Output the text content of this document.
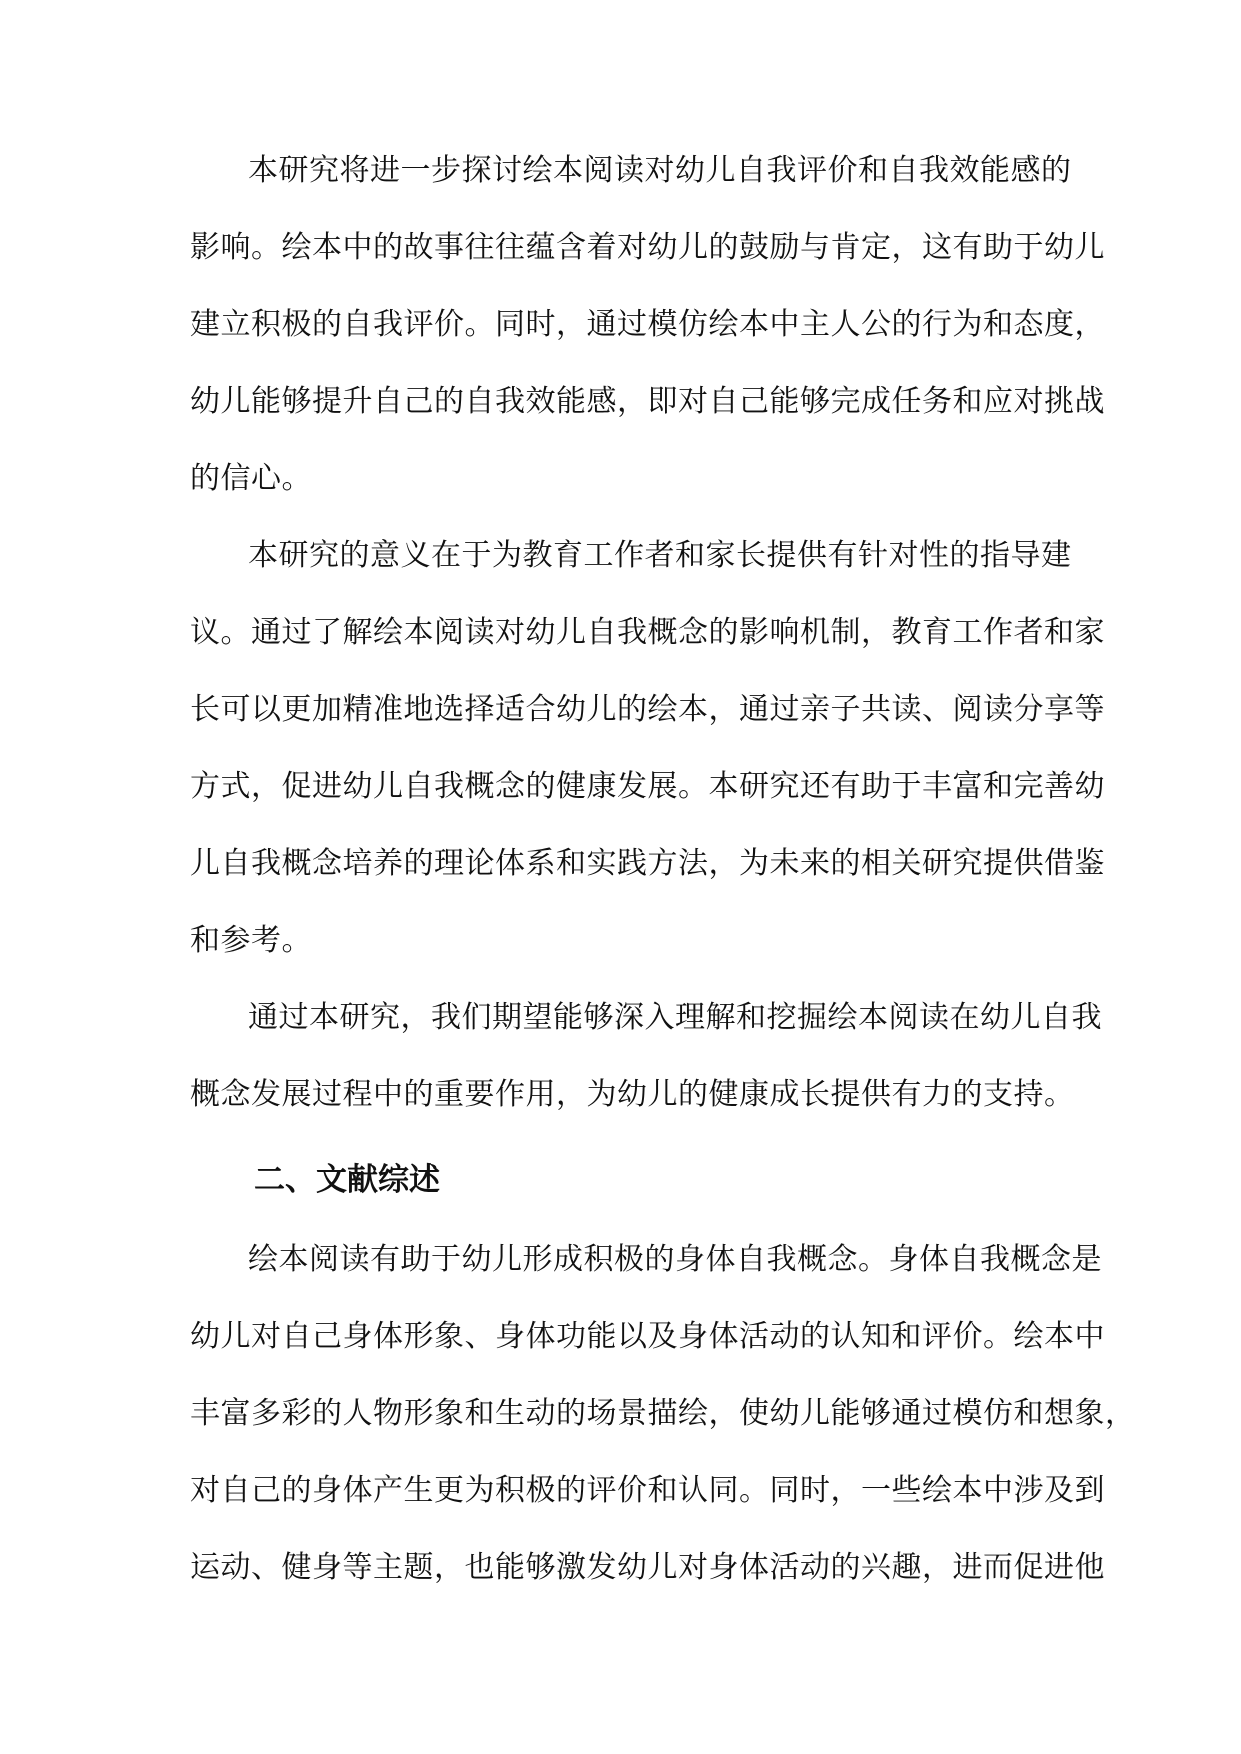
本研究将进一步探讨绘本阅读对幼儿自我评价和自我效能感的
影响。绘本中的故事往往蕴含着对幼儿的鼓励与肯定，这有助于幼儿
建立积极的自我评价。同时，通过模仿绘本中主人公的行为和态度，
幼儿能够提升自己的自我效能感，即对自己能够完成任务和应对挑战
的信心。
本研究的意义在于为教育工作者和家长提供有针对性的指导建
议。通过了解绘本阅读对幼儿自我概念的影响机制，教育工作者和家
长可以更加精准地选择适合幼儿的绘本，通过亲子共读、阅读分享等
方式，促进幼儿自我概念的健康发展。本研究还有助于丰富和完善幼
儿自我概念培养的理论体系和实践方法，为未来的相关研究提供借鉴
和参考。
通过本研究，我们期望能够深入理解和挖掘绘本阅读在幼儿自我
概念发展过程中的重要作用，为幼儿的健康成长提供有力的支持。
二、文献综述
绘本阅读有助于幼儿形成积极的身体自我概念。身体自我概念是
幼儿对自己身体形象、身体功能以及身体活动的认知和评价。绘本中
丰富多彩的人物形象和生动的场景描绘，使幼儿能够通过模仿和想象，
对自己的身体产生更为积极的评价和认同。同时，一些绘本中涉及到
运动、健身等主题，也能够激发幼儿对身体活动的兴趣，进而促进他
